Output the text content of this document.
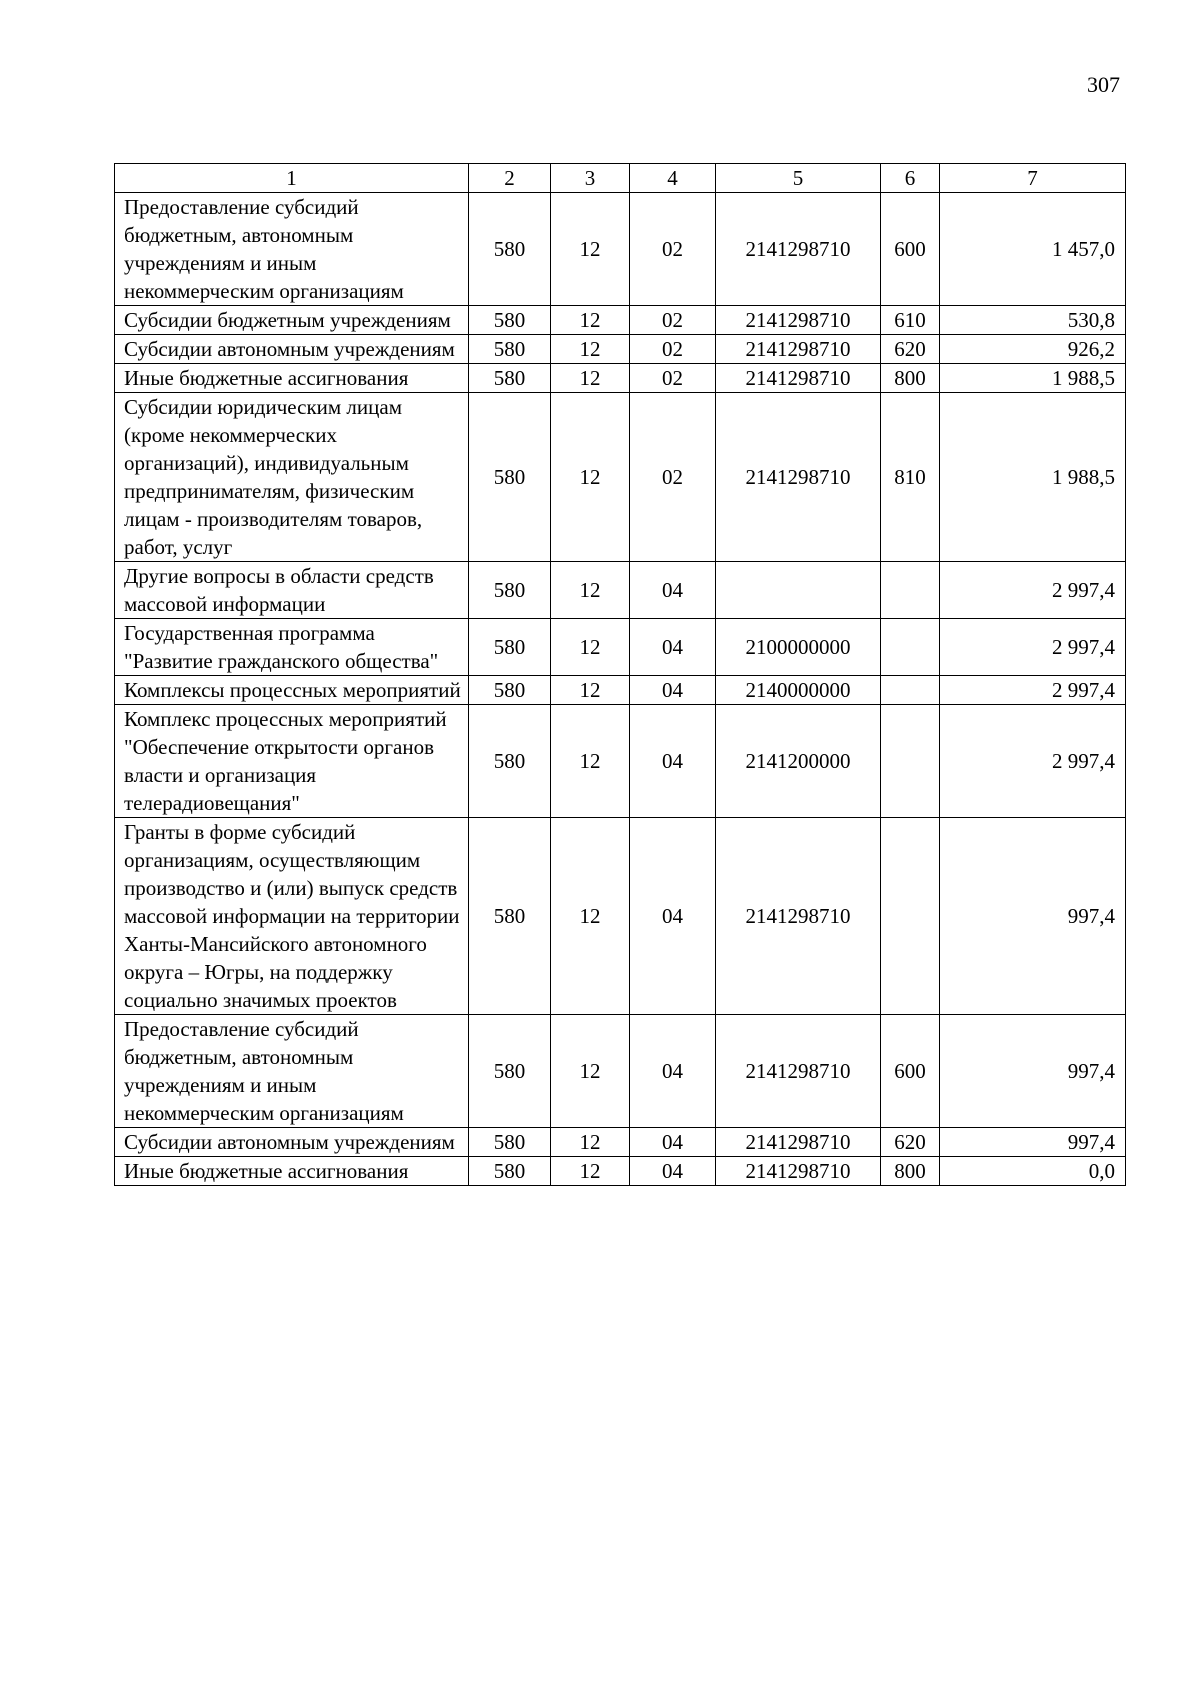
307
1	2	3	4	5	6	7
Предоставление субсидий бюджетным, автономным учреждениям и иным некоммерческим организациям	580	12	02	2141298710	600	1 457,0
Субсидии бюджетным учреждениям	580	12	02	2141298710	610	530,8
Субсидии автономным учреждениям	580	12	02	2141298710	620	926,2
Иные бюджетные ассигнования	580	12	02	2141298710	800	1 988,5
Субсидии юридическим лицам (кроме некоммерческих организаций), индивидуальным предпринимателям, физическим лицам - производителям товаров, работ, услуг	580	12	02	2141298710	810	1 988,5
Другие вопросы в области средств массовой информации	580	12	04			2 997,4
Государственная программа "Развитие гражданского общества"	580	12	04	2100000000		2 997,4
Комплексы процессных мероприятий	580	12	04	2140000000		2 997,4
Комплекс процессных мероприятий "Обеспечение открытости органов власти и организация телерадиовещания"	580	12	04	2141200000		2 997,4
Гранты в форме субсидий организациям, осуществляющим производство и (или) выпуск средств массовой информации на территории Ханты-Мансийского автономного округа – Югры, на поддержку социально значимых проектов	580	12	04	2141298710		997,4
Предоставление субсидий бюджетным, автономным учреждениям и иным некоммерческим организациям	580	12	04	2141298710	600	997,4
Субсидии автономным учреждениям	580	12	04	2141298710	620	997,4
Иные бюджетные ассигнования	580	12	04	2141298710	800	0,0
